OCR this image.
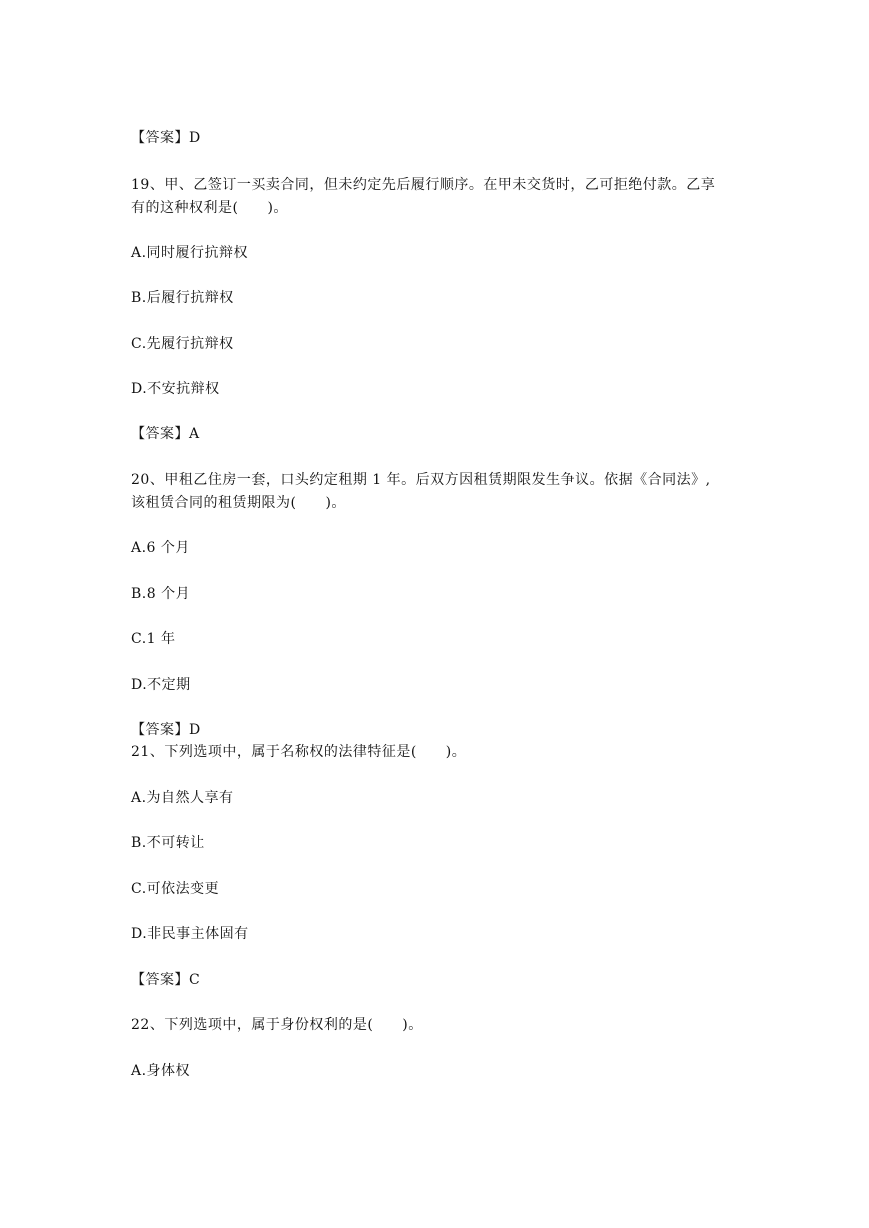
【答案】D
19、甲、乙签订一买卖合同，但未约定先后履行顺序。在甲未交货时，乙可拒绝付款。乙享
有的这种权利是(　　)。
A.同时履行抗辩权
B.后履行抗辩权
C.先履行抗辩权
D.不安抗辩权
【答案】A
20、甲租乙住房一套，口头约定租期 1 年。后双方因租赁期限发生争议。依据《合同法》,
该租赁合同的租赁期限为(　　)。
A.6 个月
B.8 个月
C.1 年
D.不定期
【答案】D
21、下列选项中，属于名称权的法律特征是(　　)。
A.为自然人享有
B.不可转让
C.可依法变更
D.非民事主体固有
【答案】C
22、下列选项中，属于身份权利的是(　　)。
A.身体权
